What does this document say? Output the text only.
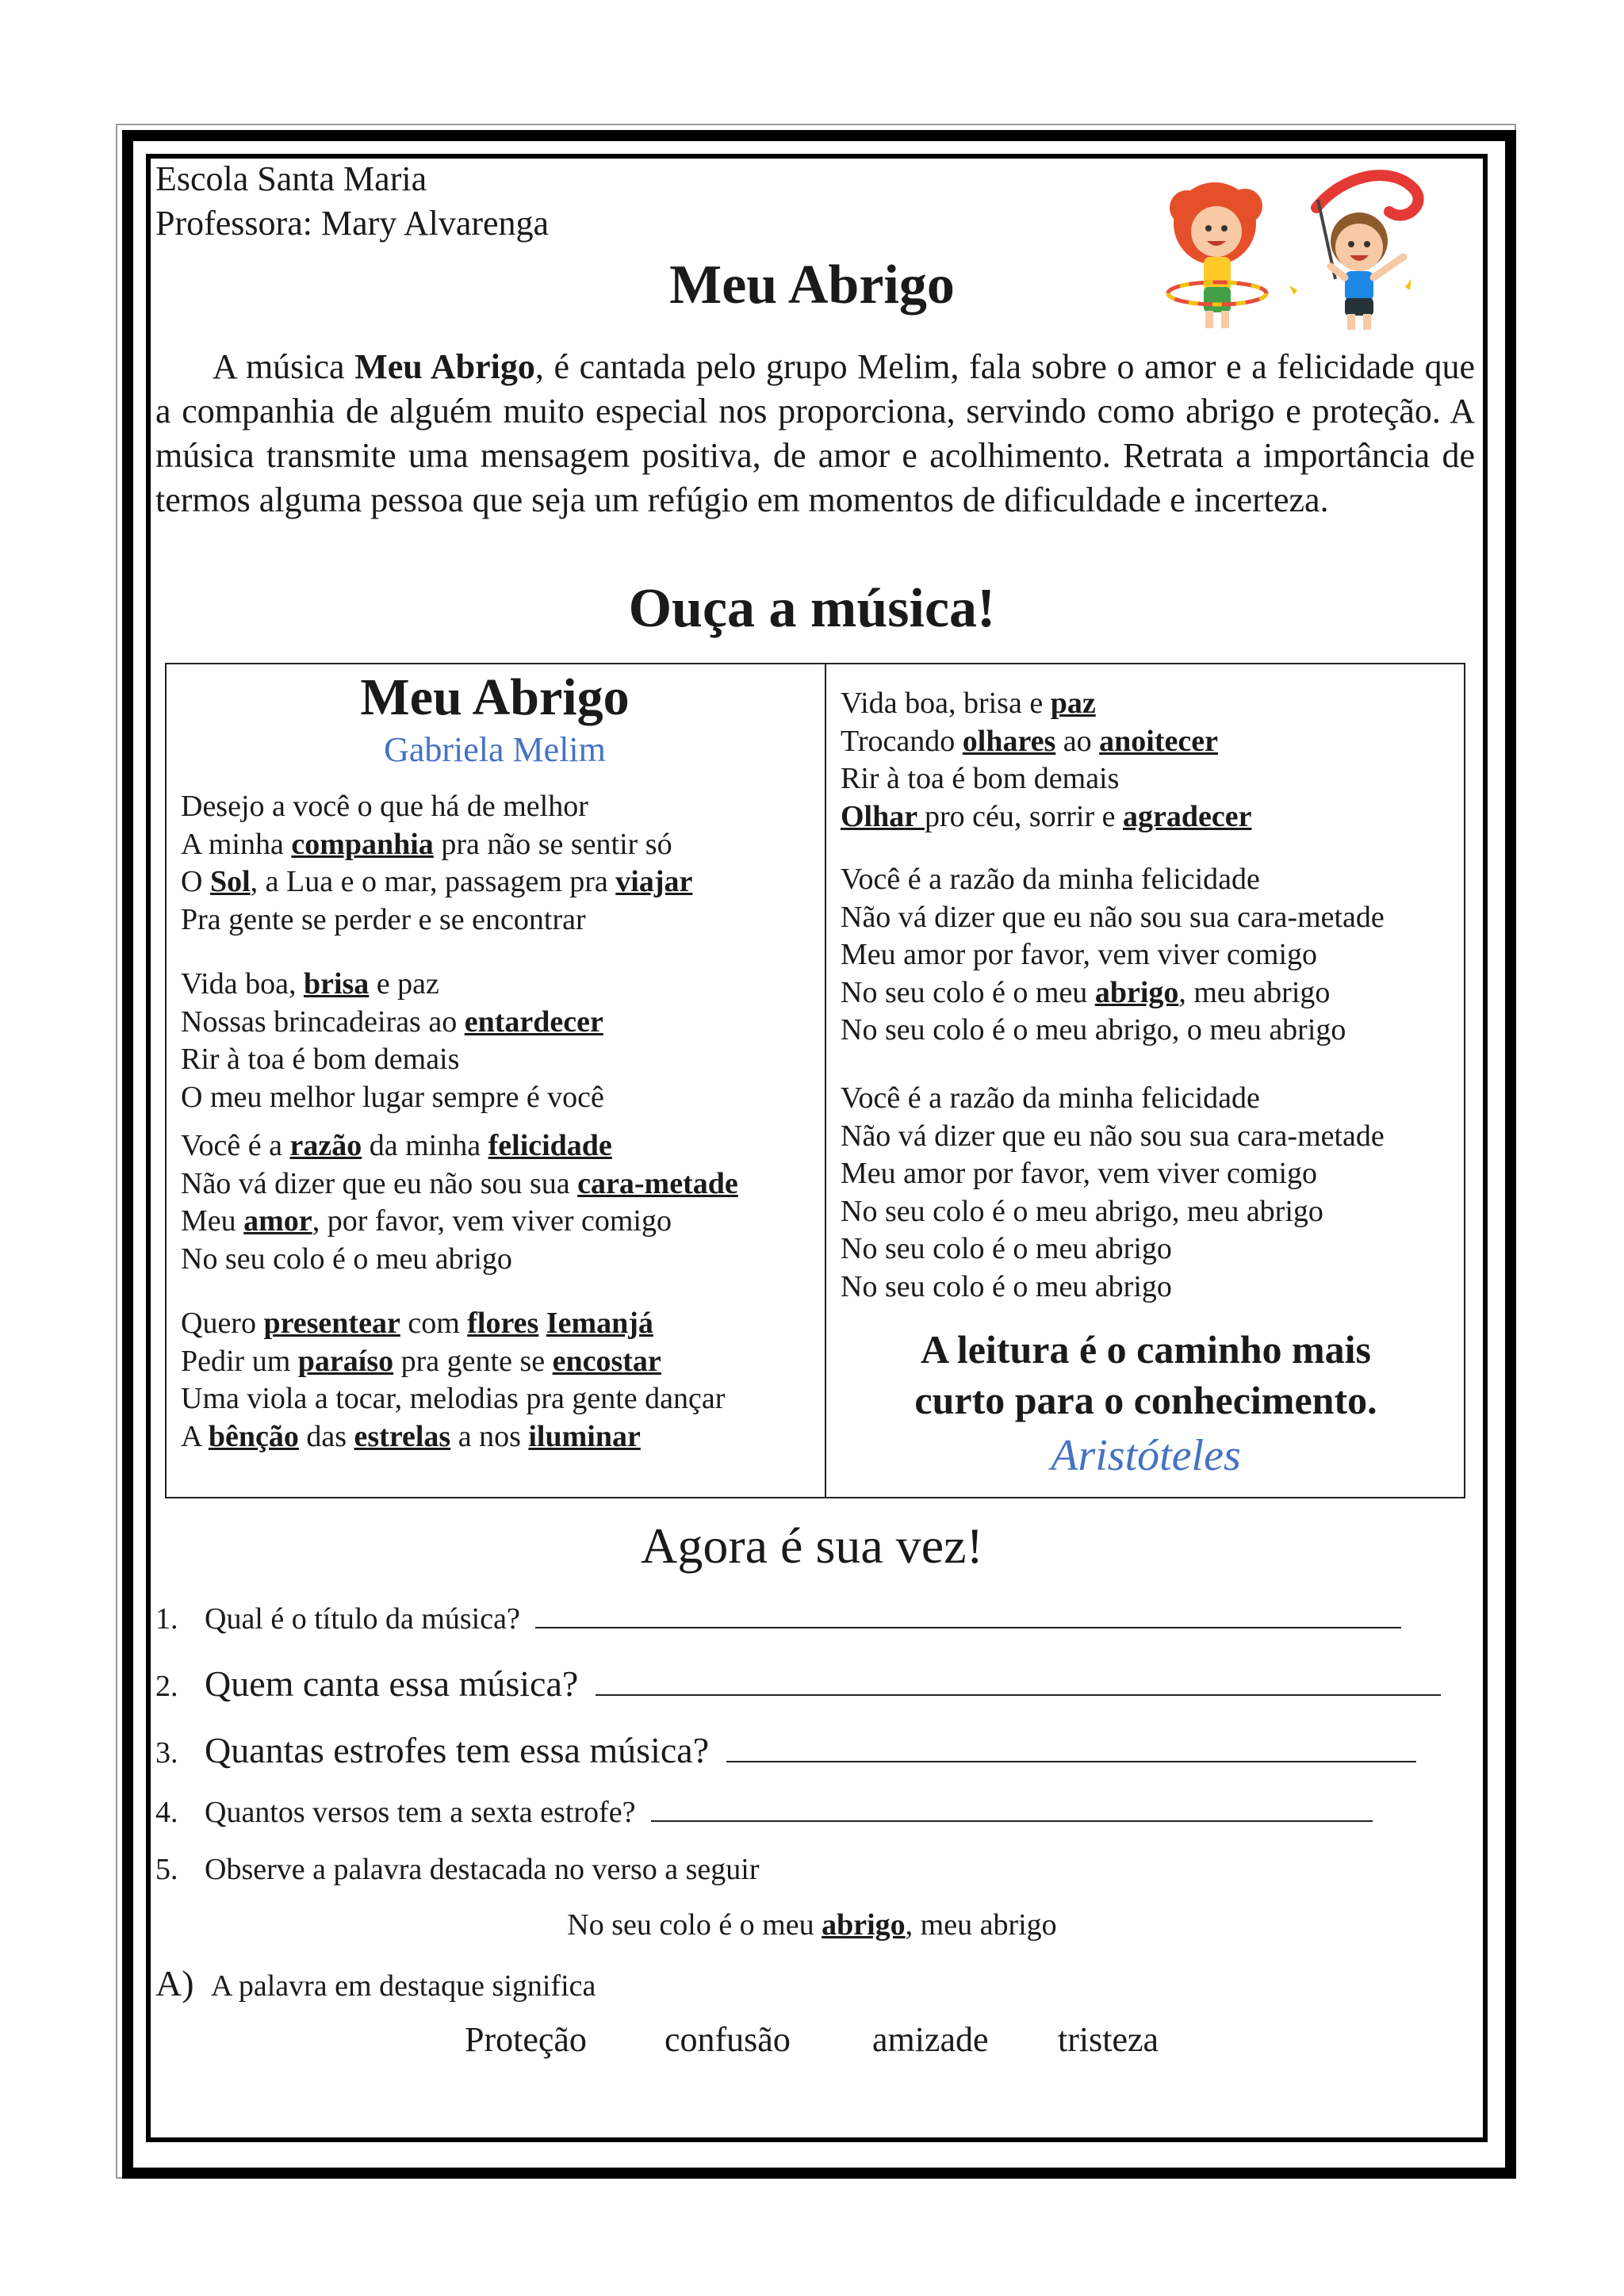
Escola Santa Maria
Professora: Mary Alvarenga
Meu Abrigo

A música Meu Abrigo, é cantada pelo grupo Melim, fala sobre o amor e a felicidade que a companhia de alguém muito especial nos proporciona, servindo como abrigo e proteção. A música transmite uma mensagem positiva, de amor e acolhimento. Retrata a importância de termos alguma pessoa que seja um refúgio em momentos de dificuldade e incerteza.

Ouça a música!
Meu Abrigo
Gabriela Melim
Desejo a você o que há de melhor
A minha companhia pra não se sentir só
O Sol, a Lua e o mar, passagem pra viajar
Pra gente se perder e se encontrar
Vida boa, brisa e paz
Nossas brincadeiras ao entardecer
Rir à toa é bom demais
O meu melhor lugar sempre é você
Você é a razão da minha felicidade
Não vá dizer que eu não sou sua cara-metade
Meu amor, por favor, vem viver comigo
No seu colo é o meu abrigo
Quero presentear com flores Iemanjá
Pedir um paraíso pra gente se encostar
Uma viola a tocar, melodias pra gente dançar
A bênção das estrelas a nos iluminar
Vida boa, brisa e paz
Trocando olhares ao anoitecer
Rir à toa é bom demais
Olhar pro céu, sorrir e agradecer
Você é a razão da minha felicidade
Não vá dizer que eu não sou sua cara-metade
Meu amor por favor, vem viver comigo
No seu colo é o meu abrigo, meu abrigo
No seu colo é o meu abrigo, o meu abrigo
Você é a razão da minha felicidade
Não vá dizer que eu não sou sua cara-metade
Meu amor por favor, vem viver comigo
No seu colo é o meu abrigo, meu abrigo
No seu colo é o meu abrigo
No seu colo é o meu abrigo
A leitura é o caminho mais
curto para o conhecimento.
Aristóteles
Agora é sua vez!
1. Qual é o título da música?
2. Quem canta essa música?
3. Quantas estrofes tem essa música?
4. Quantos versos tem a sexta estrofe?
5. Observe a palavra destacada no verso a seguir
No seu colo é o meu abrigo, meu abrigo
A) A palavra em destaque significa
Proteção confusão amizade tristeza
